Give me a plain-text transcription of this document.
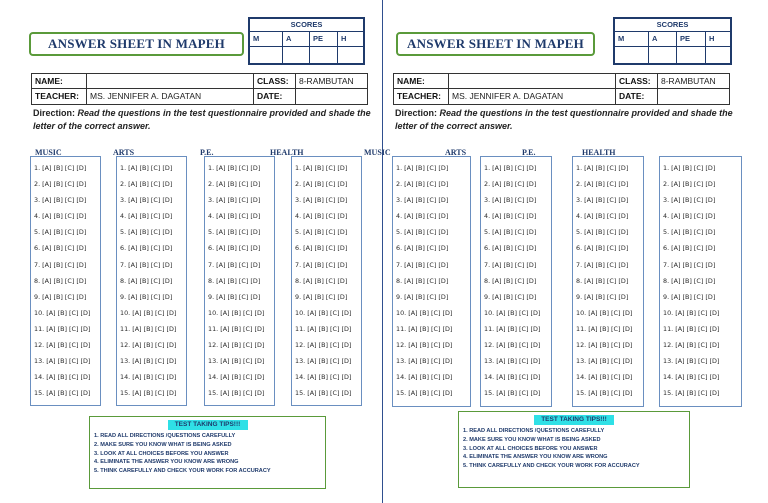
ANSWER SHEET IN MAPEH
SCORES
M	A	PE	H
NAME:	CLASS:	8-RAMBUTAN
TEACHER:	MS. JENNIFER A. DAGATAN	DATE:
Direction: Read the questions in the test questionnaire provided and shade the letter of the correct answer.
MUSIC	ARTS	P.E.	HEALTH
1. [A] [B] [C] [D]
2. [A] [B] [C] [D]
3. [A] [B] [C] [D]
4. [A] [B] [C] [D]
5. [A] [B] [C] [D]
6. [A] [B] [C] [D]
7. [A] [B] [C] [D]
8. [A] [B] [C] [D]
9. [A] [B] [C] [D]
10. [A] [B] [C] [D]
11. [A] [B] [C] [D]
12. [A] [B] [C] [D]
13. [A] [B] [C] [D]
14. [A] [B] [C] [D]
15. [A] [B] [C] [D]
1. [A] [B] [C] [D]
2. [A] [B] [C] [D]
3. [A] [B] [C] [D]
4. [A] [B] [C] [D]
5. [A] [B] [C] [D]
6. [A] [B] [C] [D]
7. [A] [B] [C] [D]
8. [A] [B] [C] [D]
9. [A] [B] [C] [D]
10. [A] [B] [C] [D]
11. [A] [B] [C] [D]
12. [A] [B] [C] [D]
13. [A] [B] [C] [D]
14. [A] [B] [C] [D]
15. [A] [B] [C] [D]
1. [A] [B] [C] [D]
2. [A] [B] [C] [D]
3. [A] [B] [C] [D]
4. [A] [B] [C] [D]
5. [A] [B] [C] [D]
6. [A] [B] [C] [D]
7. [A] [B] [C] [D]
8. [A] [B] [C] [D]
9. [A] [B] [C] [D]
10. [A] [B] [C] [D]
11. [A] [B] [C] [D]
12. [A] [B] [C] [D]
13. [A] [B] [C] [D]
14. [A] [B] [C] [D]
15. [A] [B] [C] [D]
1. [A] [B] [C] [D]
2. [A] [B] [C] [D]
3. [A] [B] [C] [D]
4. [A] [B] [C] [D]
5. [A] [B] [C] [D]
6. [A] [B] [C] [D]
7. [A] [B] [C] [D]
8. [A] [B] [C] [D]
9. [A] [B] [C] [D]
10. [A] [B] [C] [D]
11. [A] [B] [C] [D]
12. [A] [B] [C] [D]
13. [A] [B] [C] [D]
14. [A] [B] [C] [D]
15. [A] [B] [C] [D]
TEST TAKING TIPS!!!
1. READ ALL DIRECTIONS /QUESTIONS CAREFULLY
2. MAKE SURE YOU KNOW WHAT IS BEING ASKED
3. LOOK AT ALL CHOICES BEFORE YOU ANSWER
4. ELIMINATE THE ANSWER YOU KNOW ARE WRONG
5. THINK CAREFULLY AND CHECK YOUR WORK FOR ACCURACY
ANSWER SHEET IN MAPEH
SCORES
M	A	PE	H
NAME:	CLASS:	8-RAMBUTAN
TEACHER:	MS. JENNIFER A. DAGATAN	DATE:
Direction: Read the questions in the test questionnaire provided and shade the letter of the correct answer.
MUSIC	ARTS	P.E.	HEALTH
1. [A] [B] [C] [D]
2. [A] [B] [C] [D]
3. [A] [B] [C] [D]
4. [A] [B] [C] [D]
5. [A] [B] [C] [D]
6. [A] [B] [C] [D]
7. [A] [B] [C] [D]
8. [A] [B] [C] [D]
9. [A] [B] [C] [D]
10. [A] [B] [C] [D]
11. [A] [B] [C] [D]
12. [A] [B] [C] [D]
13. [A] [B] [C] [D]
14. [A] [B] [C] [D]
15. [A] [B] [C] [D]
1. [A] [B] [C] [D]
2. [A] [B] [C] [D]
3. [A] [B] [C] [D]
4. [A] [B] [C] [D]
5. [A] [B] [C] [D]
6. [A] [B] [C] [D]
7. [A] [B] [C] [D]
8. [A] [B] [C] [D]
9. [A] [B] [C] [D]
10. [A] [B] [C] [D]
11. [A] [B] [C] [D]
12. [A] [B] [C] [D]
13. [A] [B] [C] [D]
14. [A] [B] [C] [D]
15. [A] [B] [C] [D]
1. [A] [B] [C] [D]
2. [A] [B] [C] [D]
3. [A] [B] [C] [D]
4. [A] [B] [C] [D]
5. [A] [B] [C] [D]
6. [A] [B] [C] [D]
7. [A] [B] [C] [D]
8. [A] [B] [C] [D]
9. [A] [B] [C] [D]
10. [A] [B] [C] [D]
11. [A] [B] [C] [D]
12. [A] [B] [C] [D]
13. [A] [B] [C] [D]
14. [A] [B] [C] [D]
15. [A] [B] [C] [D]
1. [A] [B] [C] [D]
2. [A] [B] [C] [D]
3. [A] [B] [C] [D]
4. [A] [B] [C] [D]
5. [A] [B] [C] [D]
6. [A] [B] [C] [D]
7. [A] [B] [C] [D]
8. [A] [B] [C] [D]
9. [A] [B] [C] [D]
10. [A] [B] [C] [D]
11. [A] [B] [C] [D]
12. [A] [B] [C] [D]
13. [A] [B] [C] [D]
14. [A] [B] [C] [D]
15. [A] [B] [C] [D]
TEST TAKING TIPS!!!
1. READ ALL DIRECTIONS /QUESTIONS CAREFULLY
2. MAKE SURE YOU KNOW WHAT IS BEING ASKED
3. LOOK AT ALL CHOICES BEFORE YOU ANSWER
4. ELIMINATE THE ANSWER YOU KNOW ARE WRONG
5. THINK CAREFULLY AND CHECK YOUR WORK FOR ACCURACY
